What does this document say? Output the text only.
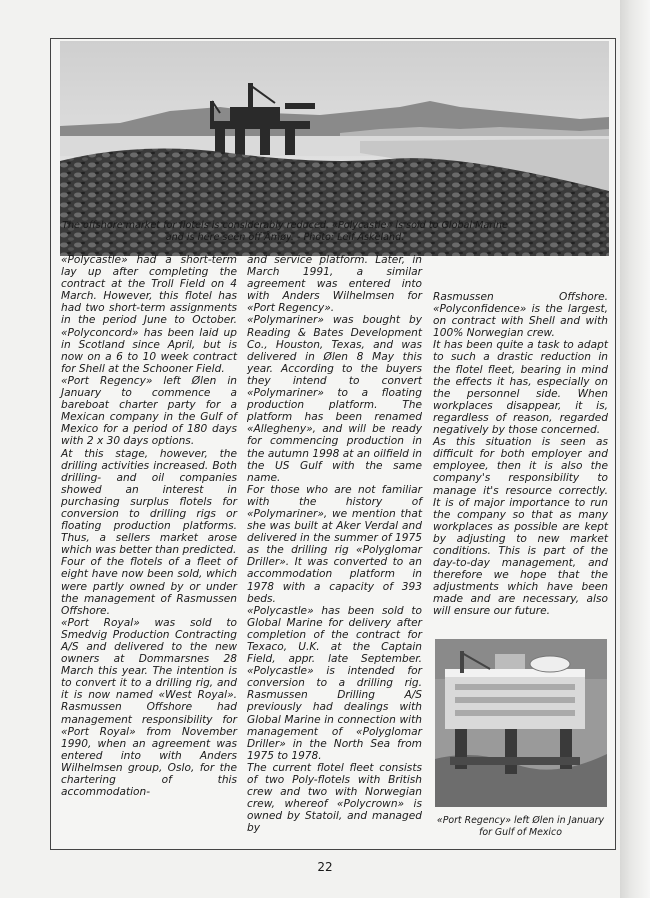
The offshore market for flotels is considerably reduced. «Polycastle» is sold to Global Marine
and is here seen off Åmøy. - Photo: Leif Askeland.

«Polycastle» had a short-term lay up after completing the contract at the Troll Field on 4 March. However, this flotel has had two short-term assignments in the period June to October. «Polyconcord» has been laid up in Scotland since April, but is now on a 6 to 10 week contract for Shell at the Schooner Field.

«Port Regency» left Ølen in January to commence a bareboat charter party for a Mexican company in the Gulf of Mexico for a period of 180 days with 2 x 30 days options.

At this stage, however, the drilling activities increased. Both drilling- and oil companies showed an interest in purchasing surplus flotels for conversion to drilling rigs or floating production platforms. Thus, a sellers market arose which was better than predicted.

Four of the flotels of a fleet of eight have now been sold, which were partly owned by or under the management of Rasmussen Offshore.

«Port Royal» was sold to Smedvig Production Contracting A/S and delivered to the new owners at Dommarsnes 28 March this year. The intention is to convert it to a drilling rig, and it is now named «West Royal». Rasmussen Offshore had management responsibility for «Port Royal» from November 1990, when an agreement was entered into with Anders Wilhelmsen group, Oslo, for the chartering of this accommodation-

and service platform. Later, in March 1991, a similar agreement was entered into with Anders Wilhelmsen for «Port Regency».

«Polymariner» was bought by Reading & Bates Development Co., Houston, Texas, and was delivered in Ølen 8 May this year. According to the buyers they intend to convert «Polymariner» to a floating production platform. The platform has been renamed «Allegheny», and will be ready for commencing production in the autumn 1998 at an oilfield in the US Gulf with the same name.

For those who are not familiar with the history of «Polymariner», we mention that she was built at Aker Verdal and delivered in the summer of 1975 as the drilling rig «Polyglomar Driller». It was converted to an accommodation platform in 1978 with a capacity of 393 beds.

«Polycastle» has been sold to Global Marine for delivery after completion of the contract for Texaco, U.K. at the Captain Field, appr. late September. «Polycastle» is intended for conversion to a drilling rig. Rasmussen Drilling A/S previously had dealings with Global Marine in connection with management of «Polyglomar Driller» in the North Sea from 1975 to 1978.

The current flotel fleet consists of two Poly-flotels with British crew and two with Norwegian crew, whereof «Polycrown» is owned by Statoil, and managed by

Rasmussen Offshore. «Polyconfidence» is the largest, on contract with Shell and with 100% Norwegian crew.

It has been quite a task to adapt to such a drastic reduction in the flotel fleet, bearing in mind the effects it has, especially on the personnel side. When workplaces disappear, it is, regardless of reason, regarded negatively by those concerned.

As this situation is seen as difficult for both employer and employee, then it is also the company's responsibility to manage it's resource correctly. It is of major importance to run the company so that as many workplaces as possible are kept by adjusting to new market conditions. This is part of the day-to-day management, and therefore we hope that the adjustments which have been made and are necessary, also will ensure our future.

«Port Regency» left Ølen in January
for Gulf of Mexico
22
